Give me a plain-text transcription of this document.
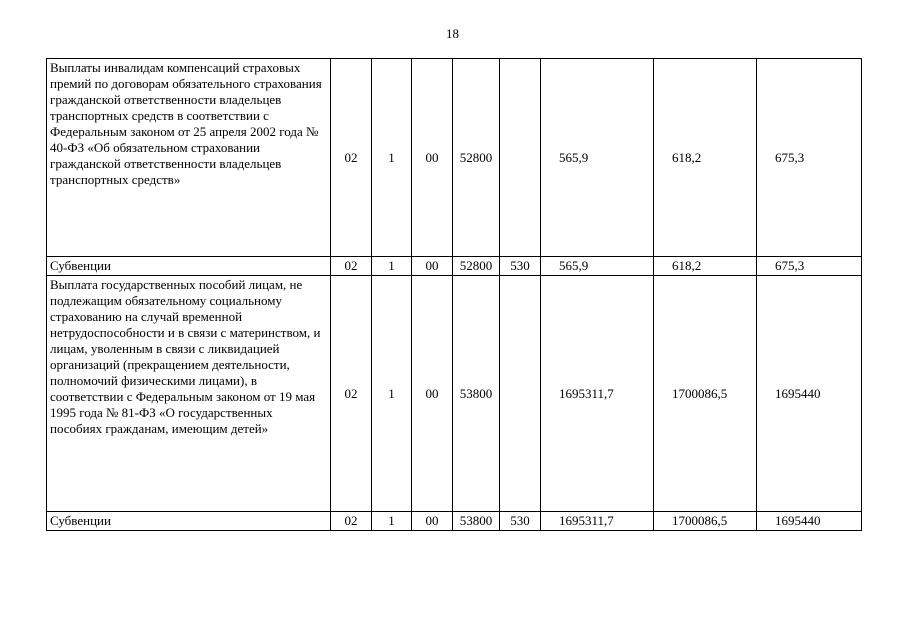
18
Выплаты инвалидам компенсаций страховых премий по договорам обязательного страхования гражданской ответственности владельцев транспортных средств в соответствии с Федеральным законом от 25 апреля 2002 года № 40-ФЗ «Об обязательном страховании гражданской ответственности владельцев транспортных средств»	02	1	00	52800		565,9	618,2	675,3
Субвенции	02	1	00	52800	530	565,9	618,2	675,3
Выплата государственных пособий лицам, не подлежащим обязательному социальному страхованию на случай временной нетрудоспособности и в связи с материнством, и лицам, уволенным в связи с ликвидацией организаций (прекращением деятельности, полномочий физическими лицами), в соответствии с Федеральным законом от 19 мая 1995 года № 81-ФЗ «О государственных пособиях гражданам, имеющим детей»	02	1	00	53800		1695311,7	1700086,5	1695440
Субвенции	02	1	00	53800	530	1695311,7	1700086,5	1695440
